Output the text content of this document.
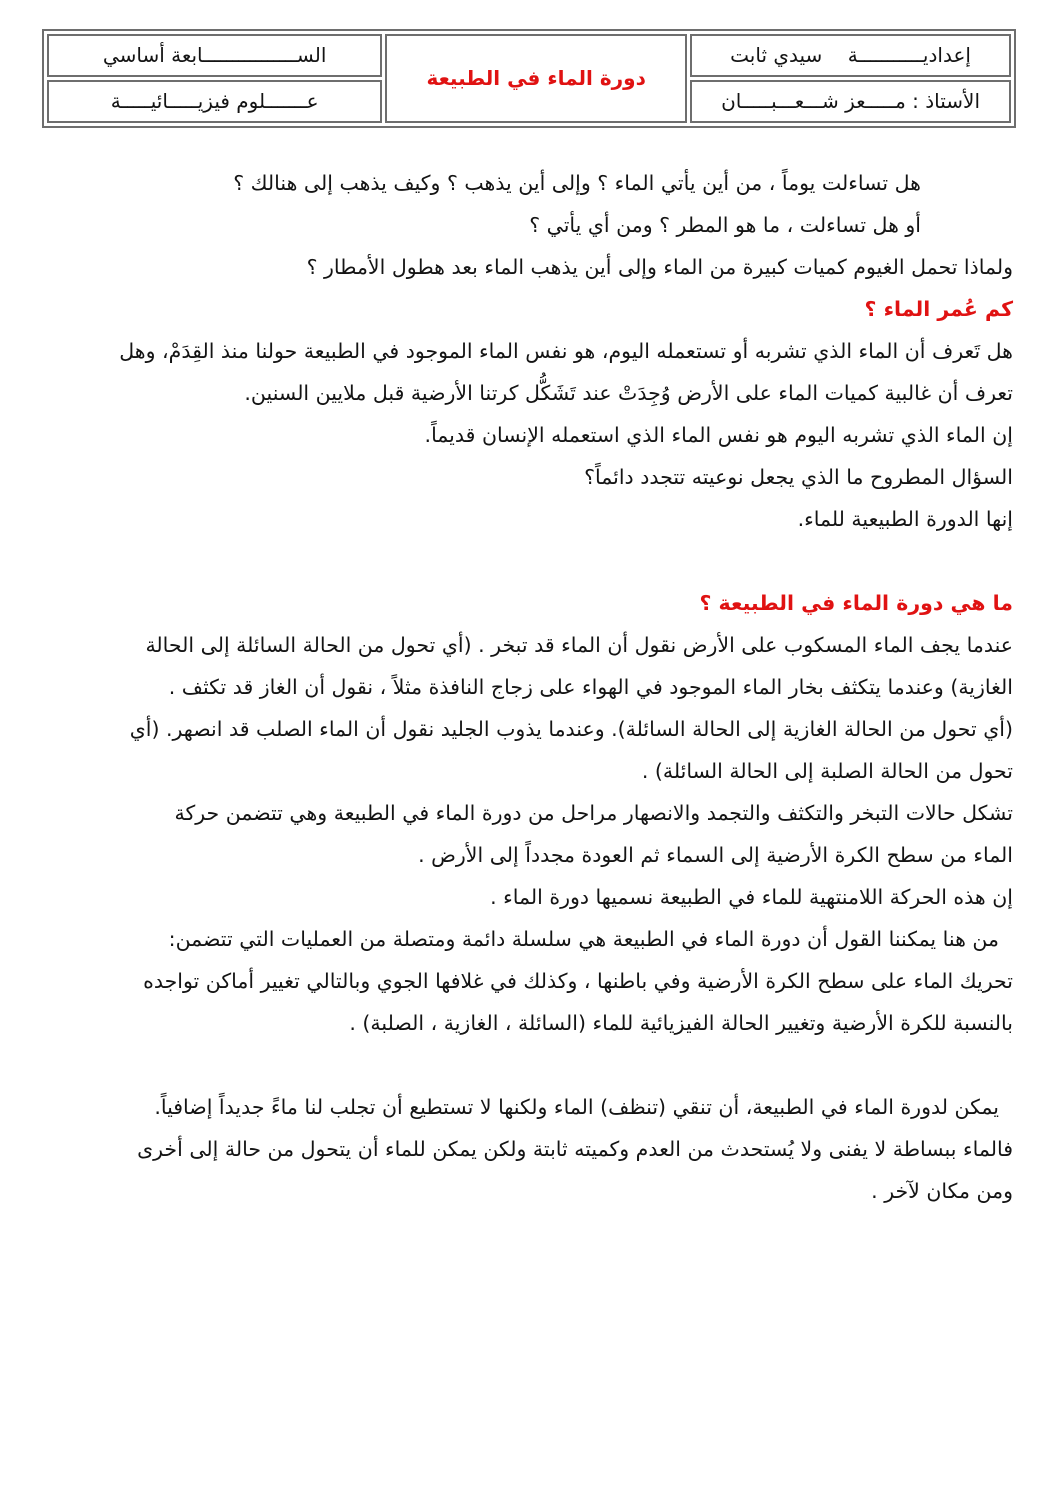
إعداديـــــــــــة    سيدي ثابت	دورة الماء في الطبيعة	الســــــــــــــــابعة أساسي
الأستاذ : مـــــعز شـــعـــبـــــان		عـــــــلوم فيزيـــــائيـــــة
هل تساءلت يوماً ، من أين يأتي الماء ؟ وإلى أين يذهب ؟ وكيف يذهب إلى هنالك ؟
أو هل تساءلت ، ما هو المطر ؟ ومن أي يأتي ؟
ولماذا تحمل الغيوم كميات كبيرة من الماء وإلى أين يذهب الماء بعد هطول الأمطار ؟
كم عُمر الماء ؟
هل تَعرف أن الماء الذي تشربه أو تستعمله اليوم، هو نفس الماء الموجود في الطبيعة حولنا منذ القِدَمْ، وهل
تعرف أن غالبية كميات الماء على الأرض وُجِدَتْ عند تَشَكُّل كرتنا الأرضية قبل ملايين السنين.
إن الماء الذي تشربه اليوم هو نفس الماء الذي استعمله الإنسان قديماً.
السؤال المطروح ما الذي يجعل نوعيته تتجدد دائماً؟
إنها الدورة الطبيعية للماء.
ما هي دورة الماء في الطبيعة ؟
عندما يجف الماء المسكوب على الأرض نقول أن الماء قد تبخر . (أي تحول من الحالة السائلة إلى الحالة
الغازية) وعندما يتكثف بخار الماء الموجود في الهواء على زجاج النافذة مثلاً ، نقول أن الغاز قد تكثف .
(أي تحول من الحالة الغازية إلى الحالة السائلة). وعندما يذوب الجليد نقول أن الماء الصلب قد انصهر. (أي
تحول من الحالة الصلبة إلى الحالة السائلة) .
تشكل حالات التبخر والتكثف والتجمد والانصهار مراحل من دورة الماء في الطبيعة وهي تتضمن حركة
الماء من سطح الكرة الأرضية إلى السماء ثم العودة مجدداً إلى الأرض .
إن هذه الحركة اللامنتهية للماء في الطبيعة نسميها دورة الماء .
من هنا يمكننا القول أن دورة الماء في الطبيعة هي سلسلة دائمة ومتصلة من العمليات التي تتضمن:
تحريك الماء على سطح الكرة الأرضية وفي باطنها ، وكذلك في غلافها الجوي وبالتالي تغيير أماكن تواجده
بالنسبة للكرة الأرضية وتغيير الحالة الفيزيائية للماء (السائلة ، الغازية ، الصلبة) .
يمكن لدورة الماء في الطبيعة، أن تنقي (تنظف) الماء ولكنها لا تستطيع أن تجلب لنا ماءً جديداً إضافياً.
فالماء ببساطة لا يفنى ولا يُستحدث من العدم وكميته ثابتة ولكن يمكن للماء أن يتحول من حالة إلى أخرى
ومن مكان لآخر .
